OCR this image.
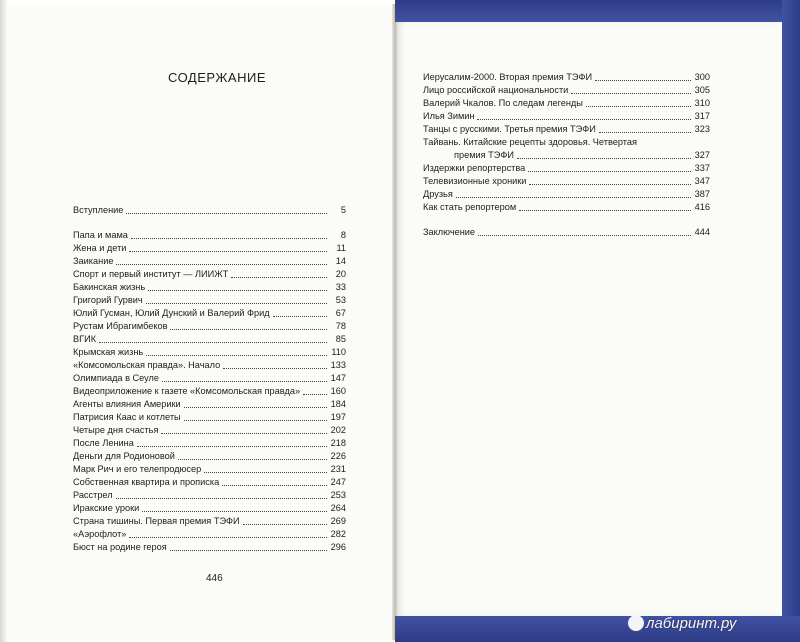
СОДЕРЖАНИЕ
Вступление	5
Папа и мама	8
Жена и дети	11
Заикание	14
Спорт и первый институт — ЛИИЖТ	20
Бакинская жизнь	33
Григорий Гурвич	53
Юлий Гусман, Юлий Дунский и Валерий Фрид	67
Рустам Ибрагимбеков	78
ВГИК	85
Крымская жизнь	110
«Комсомольская правда». Начало	133
Олимпиада в Сеуле	147
Видеоприложение к газете «Комсомольская правда»	160
Агенты влияния Америки	184
Патрисия Каас и котлеты	197
Четыре дня счастья	202
После Ленина	218
Деньги для Родионовой	226
Марк Рич и его телепродюсер	231
Собственная квартира и прописка	247
Расстрел	253
Иракские уроки	264
Страна тишины. Первая премия ТЭФИ	269
«Аэрофлот»	282
Бюст на родине героя	296
Иерусалим-2000. Вторая премия ТЭФИ	300
Лицо российской национальности	305
Валерий Чкалов. По следам легенды	310
Илья Зимин	317
Танцы с русскими. Третья премия ТЭФИ	323
Тайвань. Китайские рецепты здоровья. Четвертая
премия ТЭФИ	327
Издержки репортерства	337
Телевизионные хроники	347
Друзья	387
Как стать репортером	416
Заключение	444
446
лабиринт.ру
